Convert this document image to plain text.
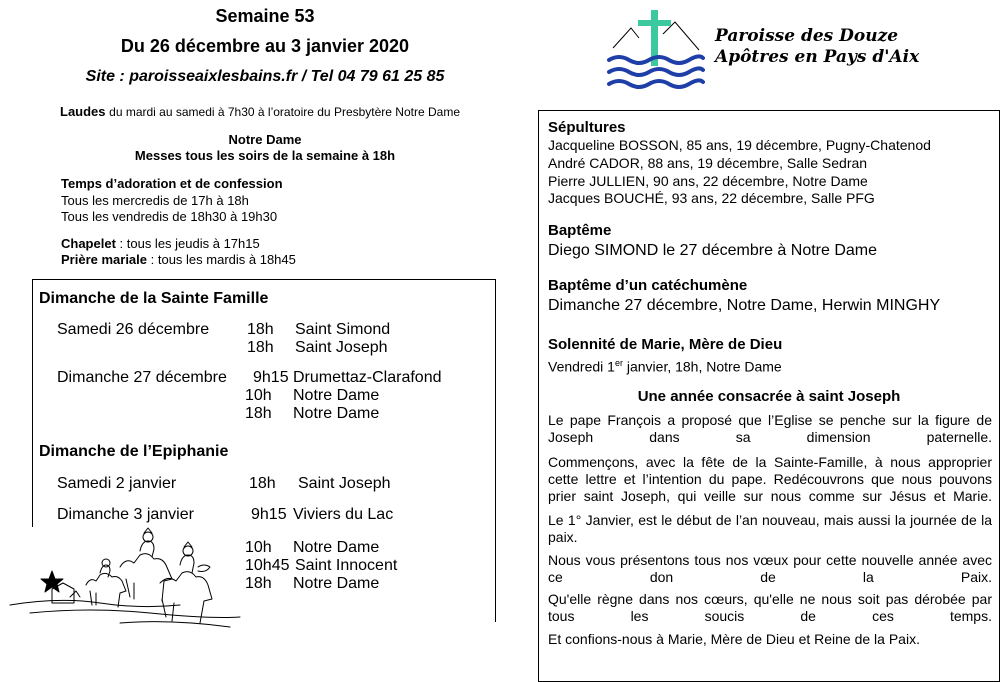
Semaine 53
Du 26 décembre au 3 janvier 2020
Site : paroisseaixlesbains.fr / Tel 04 79 61 25 85
Laudes du mardi au samedi à 7h30 à l’oratoire du Presbytère Notre Dame
Notre Dame
Messes tous les soirs de la semaine à 18h
Temps d’adoration et de confession
Tous les mercredis de 17h à 18h
Tous les vendredis de 18h30 à 19h30
Chapelet : tous les jeudis à 17h15
Prière mariale : tous les mardis à 18h45
Dimanche de la Sainte Famille
Samedi 26 décembre 18h Saint Simond
18h Saint Joseph
Dimanche 27 décembre 9h15 Drumettaz-Clarafond
10h Notre Dame
18h Notre Dame
Dimanche de l’Epiphanie
Samedi 2 janvier	18h Saint Joseph
Dimanche 3 janvier	9h15 Viviers du Lac
10h Notre Dame
10h45 Saint Innocent
18h Notre Dame
Paroisse des Douze
Apôtres en Pays d'Aix
Sépultures
Jacqueline BOSSON, 85 ans, 19 décembre, Pugny-Chatenod
André CADOR, 88 ans, 19 décembre, Salle Sedran
Pierre JULLIEN, 90 ans, 22 décembre, Notre Dame
Jacques BOUCHÉ, 93 ans, 22 décembre, Salle PFG
Baptême
Diego SIMOND le 27 décembre à Notre Dame
Baptême d’un catéchumène
Dimanche 27 décembre, Notre Dame, Herwin MINGHY
Solennité de Marie, Mère de Dieu
Vendredi 1er janvier, 18h, Notre Dame
Une année consacrée à saint Joseph
Le pape François a proposé que l’Eglise se penche sur la figure de Joseph dans sa dimension paternelle.
Commençons, avec la fête de la Sainte-Famille, à nous approprier cette lettre et l’intention du pape. Redécouvrons que nous pouvons prier saint Joseph, qui veille sur nous comme sur Jésus et Marie.
Le 1° Janvier, est le début de l’an nouveau, mais aussi la journée de la paix.
Nous vous présentons tous nos vœux pour cette nouvelle année avec ce don de la Paix.
Qu'elle règne dans nos cœurs, qu'elle ne nous soit pas dérobée par tous les soucis de ces temps.
Et confions-nous à Marie, Mère de Dieu et Reine de la Paix.
